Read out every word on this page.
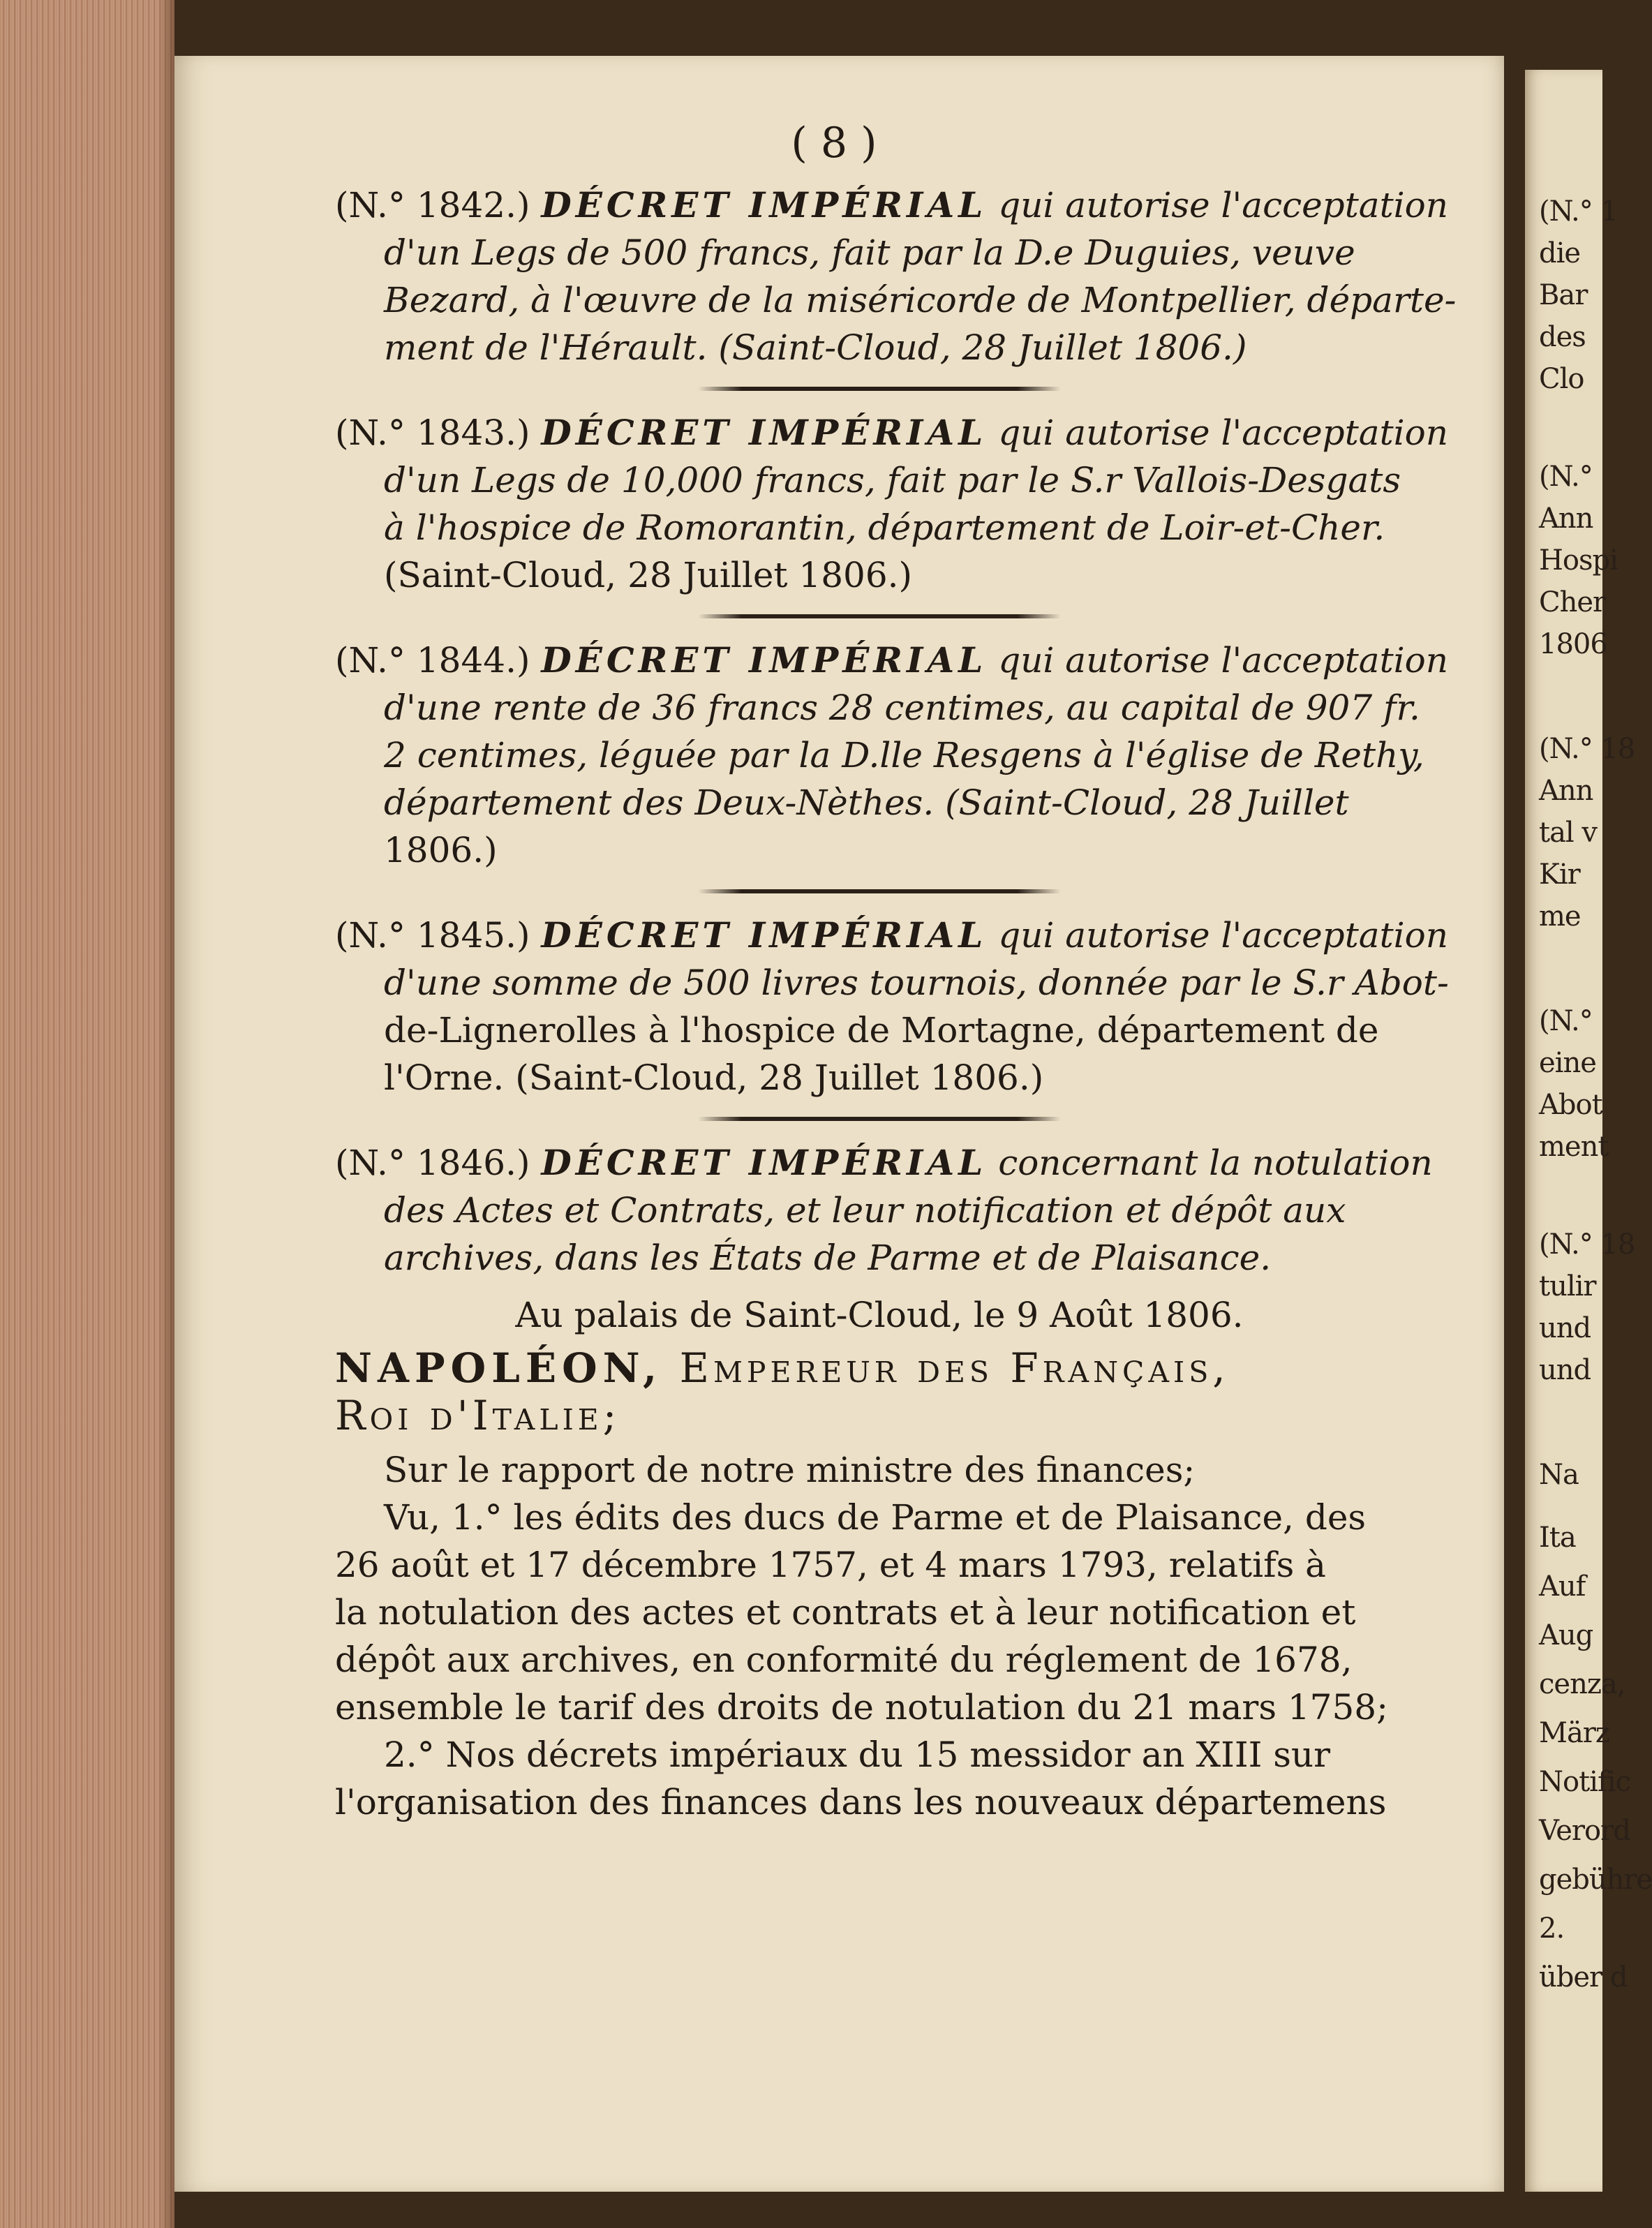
( 8 )
(N.° 1842.) DÉCRET IMPÉRIAL qui autorise l'acceptation
d'un Legs de 500 francs, fait par la D.e Duguies, veuve
Bezard, à l'œuvre de la miséricorde de Montpellier, départe-
ment de l'Hérault. (Saint-Cloud, 28 Juillet 1806.)
(N.° 1843.) DÉCRET IMPÉRIAL qui autorise l'acceptation
d'un Legs de 10,000 francs, fait par le S.r Vallois-Desgats
à l'hospice de Romorantin, département de Loir-et-Cher.
(Saint-Cloud, 28 Juillet 1806.)
(N.° 1844.) DÉCRET IMPÉRIAL qui autorise l'acceptation
d'une rente de 36 francs 28 centimes, au capital de 907 fr.
2 centimes, léguée par la D.lle Resgens à l'église de Rethy,
département des Deux-Nèthes. (Saint-Cloud, 28 Juillet
1806.)
(N.° 1845.) DÉCRET IMPÉRIAL qui autorise l'acceptation
d'une somme de 500 livres tournois, donnée par le S.r Abot-
de-Lignerolles à l'hospice de Mortagne, département de
l'Orne. (Saint-Cloud, 28 Juillet 1806.)
(N.° 1846.) DÉCRET IMPÉRIAL concernant la notulation
des Actes et Contrats, et leur notification et dépôt aux
archives, dans les États de Parme et de Plaisance.
Au palais de Saint-Cloud, le 9 Août 1806.
NAPOLÉON, Empereur des Français,
Roi d'Italie;
Sur le rapport de notre ministre des finances;
Vu, 1.° les édits des ducs de Parme et de Plaisance, des
26 août et 17 décembre 1757, et 4 mars 1793, relatifs à
la notulation des actes et contrats et à leur notification et
dépôt aux archives, en conformité du réglement de 1678,
ensemble le tarif des droits de notulation du 21 mars 1758;
2.° Nos décrets impériaux du 15 messidor an XIII sur
l'organisation des finances dans les nouveaux départemens
(N.° 1
die
Bar
des
Clo
(N.°
Ann
Hospi
Cher
1806
(N.° 18
Ann
tal v
Kir
me
(N.°
eine
Abot
ment
(N.° 18
tulir
und
und
Na
Ita
Auf
Aug
cenza,
März
Notific
Verord
gebühre
2.
über d
